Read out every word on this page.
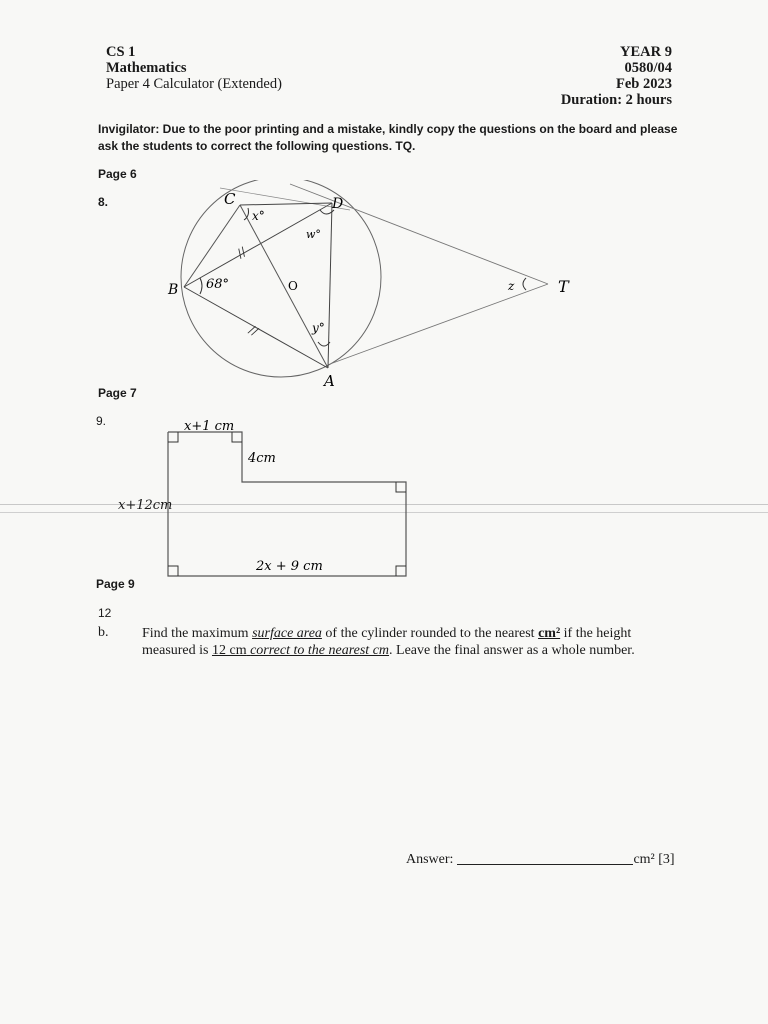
CS 1
Mathematics
Paper 4 Calculator (Extended)
YEAR 9
0580/04
Feb 2023
Duration: 2 hours
Invigilator: Due to the poor printing and a mistake, kindly copy the questions on the board and please ask the students to correct the following questions. TQ.
Page 6
8.
//
//
C	D
B
A
T
O
x°
w°
68°
y°
z
Page 7
9.	x+1 cm
4cm
2x + 9 cm
x+12cm
Page 9
12
b. Find the maximum surface area of the cylinder rounded to the nearest cm² if the height measured is 12 cm correct to the nearest cm. Leave the final answer as a whole number.
Answer:	cm² [3]
